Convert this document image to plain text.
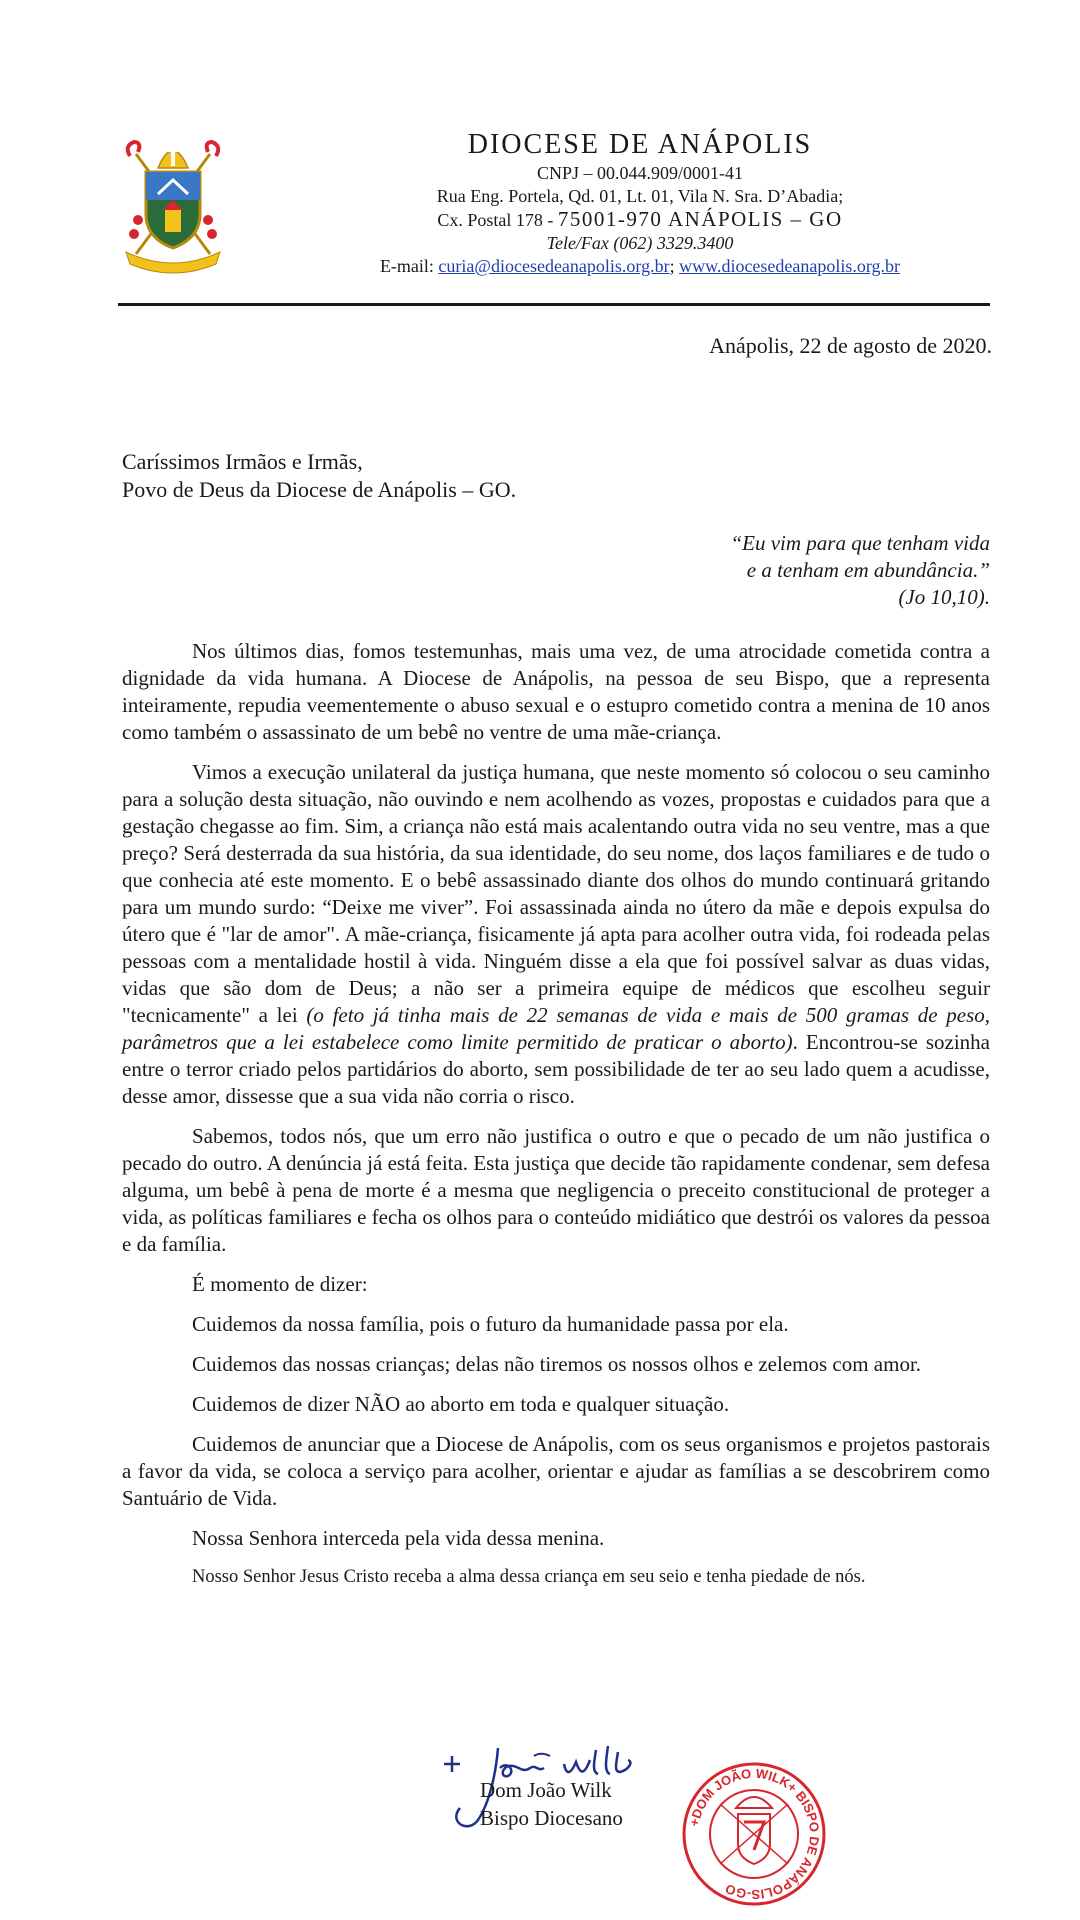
DIOCESE DE ANÁPOLIS
CNPJ – 00.044.909/0001-41
Rua Eng. Portela, Qd. 01, Lt. 01, Vila N. Sra. D’Abadia;
Cx. Postal 178 - 75001-970 ANÁPOLIS – GO
Tele/Fax (062) 3329.3400
E-mail: curia@diocesedeanapolis.org.br; www.diocesedeanapolis.org.br
Anápolis, 22 de agosto de 2020.
Caríssimos Irmãos e Irmãs,
Povo de Deus da Diocese de Anápolis – GO.
“Eu vim para que tenham vida
e a tenham em abundância.”
(Jo 10,10).

Nos últimos dias, fomos testemunhas, mais uma vez, de uma atrocidade cometida contra a dignidade da vida humana. A Diocese de Anápolis, na pessoa de seu Bispo, que a representa inteiramente, repudia veementemente o abuso sexual e o estupro cometido contra a menina de 10 anos como também o assassinato de um bebê no ventre de uma mãe-criança.

Vimos a execução unilateral da justiça humana, que neste momento só colocou o seu caminho para a solução desta situação, não ouvindo e nem acolhendo as vozes, propostas e cuidados para que a gestação chegasse ao fim. Sim, a criança não está mais acalentando outra vida no seu ventre, mas a que preço? Será desterrada da sua história, da sua identidade, do seu nome, dos laços familiares e de tudo o que conhecia até este momento. E o bebê assassinado diante dos olhos do mundo continuará gritando para um mundo surdo: “Deixe me viver”. Foi assassinada ainda no útero da mãe e depois expulsa do útero que é "lar de amor". A mãe-criança, fisicamente já apta para acolher outra vida, foi rodeada pelas pessoas com a mentalidade hostil à vida. Ninguém disse a ela que foi possível salvar as duas vidas, vidas que são dom de Deus; a não ser a primeira equipe de médicos que escolheu seguir "tecnicamente" a lei (o feto já tinha mais de 22 semanas de vida e mais de 500 gramas de peso, parâmetros que a lei estabelece como limite permitido de praticar o aborto). Encontrou-se sozinha entre o terror criado pelos partidários do aborto, sem possibilidade de ter ao seu lado quem a acudisse, desse amor, dissesse que a sua vida não corria o risco.

Sabemos, todos nós, que um erro não justifica o outro e que o pecado de um não justifica o pecado do outro. A denúncia já está feita. Esta justiça que decide tão rapidamente condenar, sem defesa alguma, um bebê à pena de morte é a mesma que negligencia o preceito constitucional de proteger a vida, as políticas familiares e fecha os olhos para o conteúdo midiático que destrói os valores da pessoa e da família.

É momento de dizer:

Cuidemos da nossa família, pois o futuro da humanidade passa por ela.

Cuidemos das nossas crianças; delas não tiremos os nossos olhos e zelemos com amor.

Cuidemos de dizer NÃO ao aborto em toda e qualquer situação.

Cuidemos de anunciar que a Diocese de Anápolis, com os seus organismos e projetos pastorais a favor da vida, se coloca a serviço para acolher, orientar e ajudar as famílias a se descobrirem como Santuário de Vida.

Nossa Senhora interceda pela vida dessa menina.

Nosso Senhor Jesus Cristo receba a alma dessa criança em seu seio e tenha piedade de nós.

Dom João Wilk
Bispo Diocesano	+DOM JOÃO WILK+ BISPO DE ANÁPOLIS-GO
